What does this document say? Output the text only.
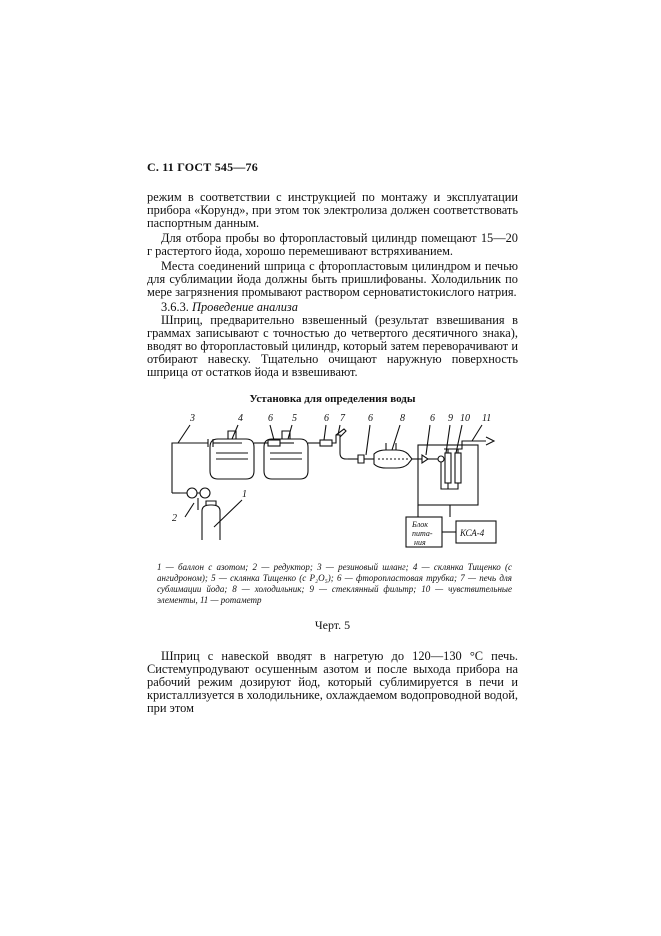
С. 11 ГОСТ 545—76

режим в соответствии с инструкцией по монтажу и эксплуатации прибора «Корунд», при этом ток электролиза должен соответствовать паспортным данным.

Для отбора пробы во фторопластовый цилиндр помещают 15—20 г растертого йода, хорошо перемешивают встряхиванием.

Места соединений шприца с фторопластовым цилиндром и печью для сублимации йода должны быть пришлифованы. Холодильник по мере загрязнения промывают раствором серноватистокислого натрия.

3.6.3. Проведение анализа

Шприц, предварительно взвешенный (результат взвешивания в граммах записывают с точностью до четвертого десятичного знака), вводят во фторопластовый цилиндр, который затем переворачивают и отбирают навеску. Тщательно очищают наружную поверхность шприца от остатков йода и взвешивают.

Установка для определения воды
3	4	6 5	6 7 6	8	6 9 10 11
1
2
Блок
пита-
ния
КСА-4
1 — баллон с азотом; 2 — редуктор; 3 — резиновый шланг; 4 — склянка Тищенко (с ангидроном); 5 — склянка Тищенко (с P₂O₅); 6 — фторопластовая трубка; 7 — печь для сублимации йода; 8 — холодильник; 9 — стеклянный фильтр; 10 — чувствительные элементы, 11 — ротаметр
Черт. 5

Шприц с навеской вводят в нагретую до 120—130 °С печь. Системупродувают осушенным азотом и после выхода прибора на рабочий режим дозируют йод, который сублимируется в печи и кристаллизуется в холодильнике, охлаждаемом водопроводной водой, при этом
